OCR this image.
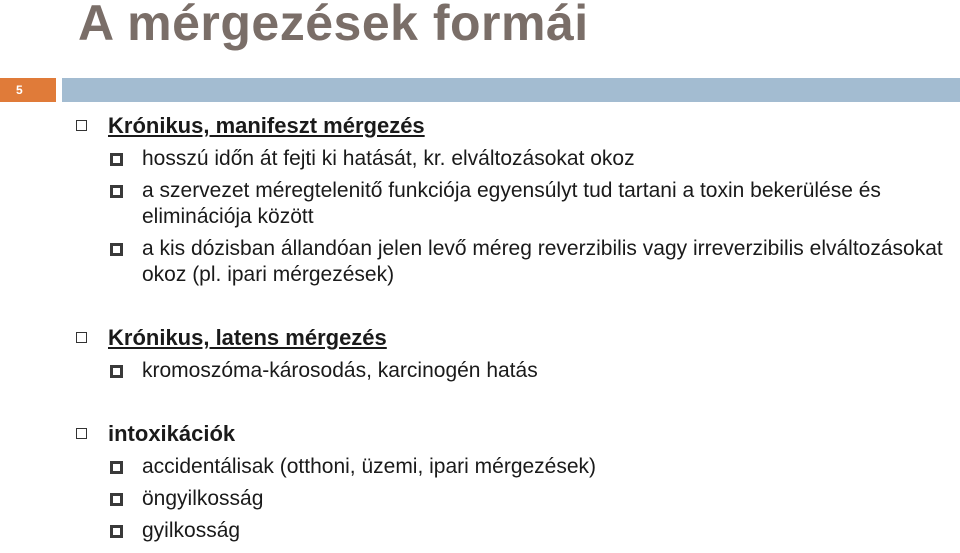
A mérgezések formái
5
Krónikus, manifeszt mérgezés
hosszú időn át fejti ki hatását, kr. elváltozásokat okoz
a szervezet méregtelenitő funkciója egyensúlyt tud tartani a toxin bekerülése és eliminációja között
a kis dózisban állandóan jelen levő méreg reverzibilis vagy irreverzibilis elváltozásokat okoz (pl. ipari mérgezések)
Krónikus, latens mérgezés
kromoszóma-károsodás, karcinogén hatás
intoxikációk
accidentálisak (otthoni, üzemi, ipari mérgezések)
öngyilkosság
gyilkosság
